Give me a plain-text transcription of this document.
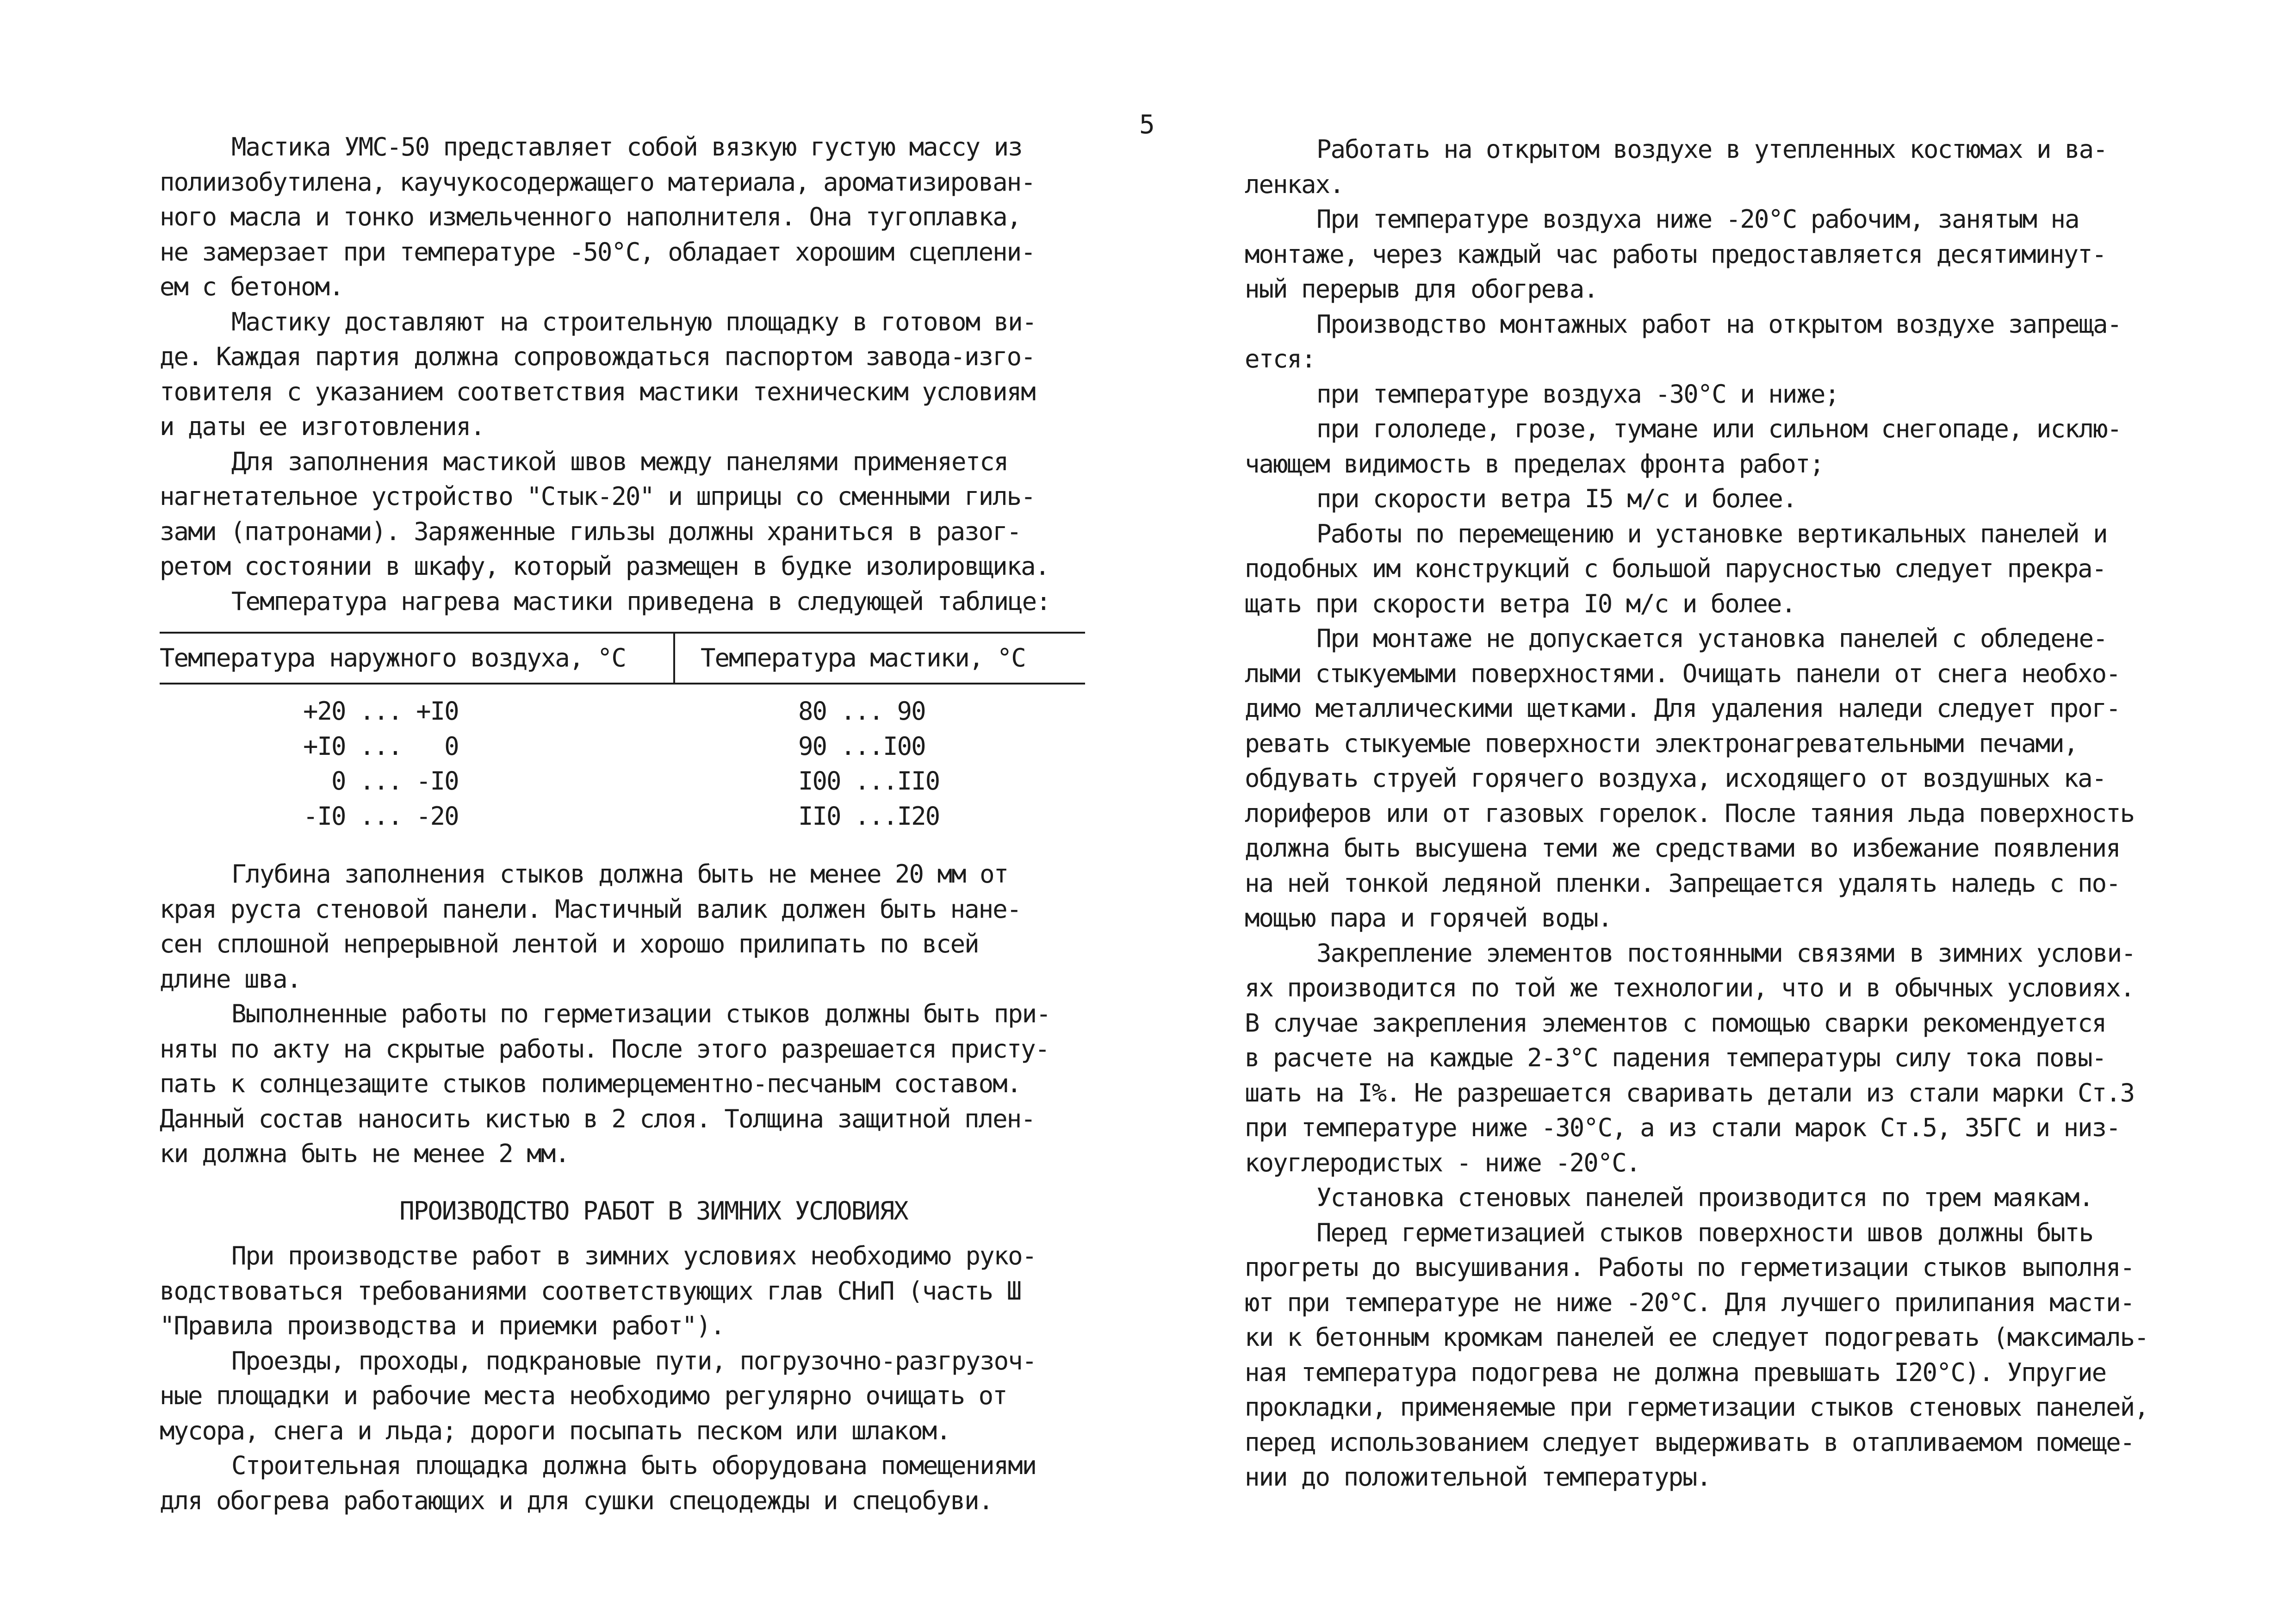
5
Мастика УМС-50 представляет собой вязкую густую массу из
полиизобутилена, каучукосодержащего материала, ароматизирован-
ного масла и тонко измельченного наполнителя. Она тугоплавка,
не замерзает при температуре -50°С, обладает хорошим сцеплени-
ем с бетоном.
Мастику доставляют на строительную площадку в готовом ви-
де. Каждая партия должна сопровождаться паспортом завода-изго-
товителя с указанием соответствия мастики техническим условиям
и даты ее изготовления.
Для заполнения мастикой швов между панелями применяется
нагнетательное устройство "Стык-20" и шприцы со сменными гиль-
зами (патронами). Заряженные гильзы должны храниться в разог-
ретом состоянии в шкафу, который размещен в будке изолировщика.
Температура нагрева мастики приведена в следующей таблице:
Температура наружного воздуха, °С	Температура мастики, °С
+20 ... +I0	80 ... 90
+I0 ...   0	90 ...I00
0 ... -I0	I00 ...II0
-I0 ... -20	II0 ...I20
Глубина заполнения стыков должна быть не менее 20 мм от
края руста стеновой панели. Мастичный валик должен быть нане-
сен сплошной непрерывной лентой и хорошо прилипать по всей
длине шва.
Выполненные работы по герметизации стыков должны быть при-
няты по акту на скрытые работы. После этого разрешается присту-
пать к солнцезащите стыков полимерцементно-песчаным составом.
Данный состав наносить кистью в 2 слоя. Толщина защитной плен-
ки должна быть не менее 2 мм.
ПРОИЗВОДСТВО РАБОТ В ЗИМНИХ УСЛОВИЯХ
При производстве работ в зимних условиях необходимо руко-
водствоваться требованиями соответствующих глав СНиП (часть Ш
"Правила производства и приемки работ").
Проезды, проходы, подкрановые пути, погрузочно-разгрузоч-
ные площадки и рабочие места необходимо регулярно очищать от
мусора, снега и льда; дороги посыпать песком или шлаком.
Строительная площадка должна быть оборудована помещениями
для обогрева работающих и для сушки спецодежды и спецобуви.
Работать на открытом воздухе в утепленных костюмах и ва-
ленках.
При температуре воздуха ниже -20°С рабочим, занятым на
монтаже, через каждый час работы предоставляется десятиминут-
ный перерыв для обогрева.
Производство монтажных работ на открытом воздухе запреща-
ется:
при температуре воздуха -30°С и ниже;
при гололеде, грозе, тумане или сильном снегопаде, исклю-
чающем видимость в пределах фронта работ;
при скорости ветра I5 м/с и более.
Работы по перемещению и установке вертикальных панелей и
подобных им конструкций с большой парусностью следует прекра-
щать при скорости ветра I0 м/с и более.
При монтаже не допускается установка панелей с обледене-
лыми стыкуемыми поверхностями. Очищать панели от снега необхо-
димо металлическими щетками. Для удаления наледи следует прог-
ревать стыкуемые поверхности электронагревательными печами,
обдувать струей горячего воздуха, исходящего от воздушных ка-
лориферов или от газовых горелок. После таяния льда поверхность
должна быть высушена теми же средствами во избежание появления
на ней тонкой ледяной пленки. Запрещается удалять наледь с по-
мощью пара и горячей воды.
Закрепление элементов постоянными связями в зимних услови-
ях производится по той же технологии, что и в обычных условиях.
В случае закрепления элементов с помощью сварки рекомендуется
в расчете на каждые 2-3°С падения температуры силу тока повы-
шать на I%. Не разрешается сваривать детали из стали марки Ст.3
при температуре ниже -30°С, а из стали марок Ст.5, 35ГС и низ-
коуглеродистых - ниже -20°С.
Установка стеновых панелей производится по трем маякам.
Перед герметизацией стыков поверхности швов должны быть
прогреты до высушивания. Работы по герметизации стыков выполня-
ют при температуре не ниже -20°С. Для лучшего прилипания масти-
ки к бетонным кромкам панелей ее следует подогревать (максималь-
ная температура подогрева не должна превышать I20°С). Упругие
прокладки, применяемые при герметизации стыков стеновых панелей,
перед использованием следует выдерживать в отапливаемом помеще-
нии до положительной температуры.
